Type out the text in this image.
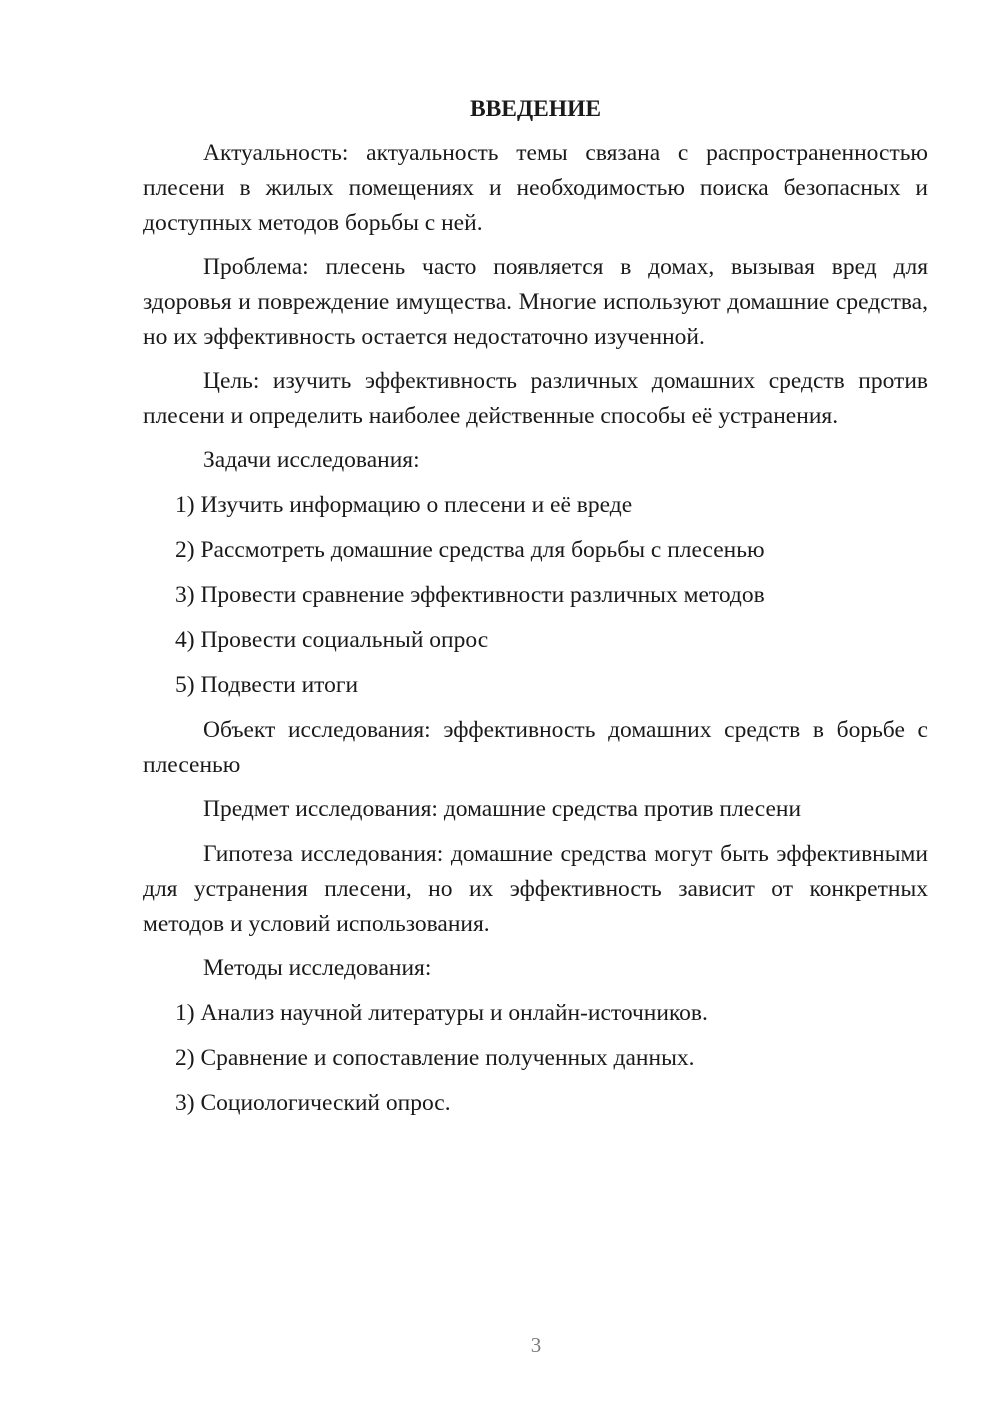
ВВЕДЕНИЕ
Актуальность: актуальность темы связана с распространенностью плесени в жилых помещениях и необходимостью поиска безопасных и доступных методов борьбы с ней.
Проблема: плесень часто появляется в домах, вызывая вред для здоровья и повреждение имущества. Многие используют домашние средства, но их эффективность остается недостаточно изученной.
Цель: изучить эффективность различных домашних средств против плесени и определить наиболее действенные способы её устранения.
Задачи исследования:
1) Изучить информацию о плесени и её вреде
2) Рассмотреть домашние средства для борьбы с плесенью
3) Провести сравнение эффективности различных методов
4) Провести социальный опрос
5) Подвести итоги
Объект исследования: эффективность домашних средств в борьбе с плесенью
Предмет исследования: домашние средства против плесени
Гипотеза исследования: домашние средства могут быть эффективными для устранения плесени, но их эффективность зависит от конкретных методов и условий использования.
Методы исследования:
1) Анализ научной литературы и онлайн-источников.
2) Сравнение и сопоставление полученных данных.
3) Социологический опрос.
3
